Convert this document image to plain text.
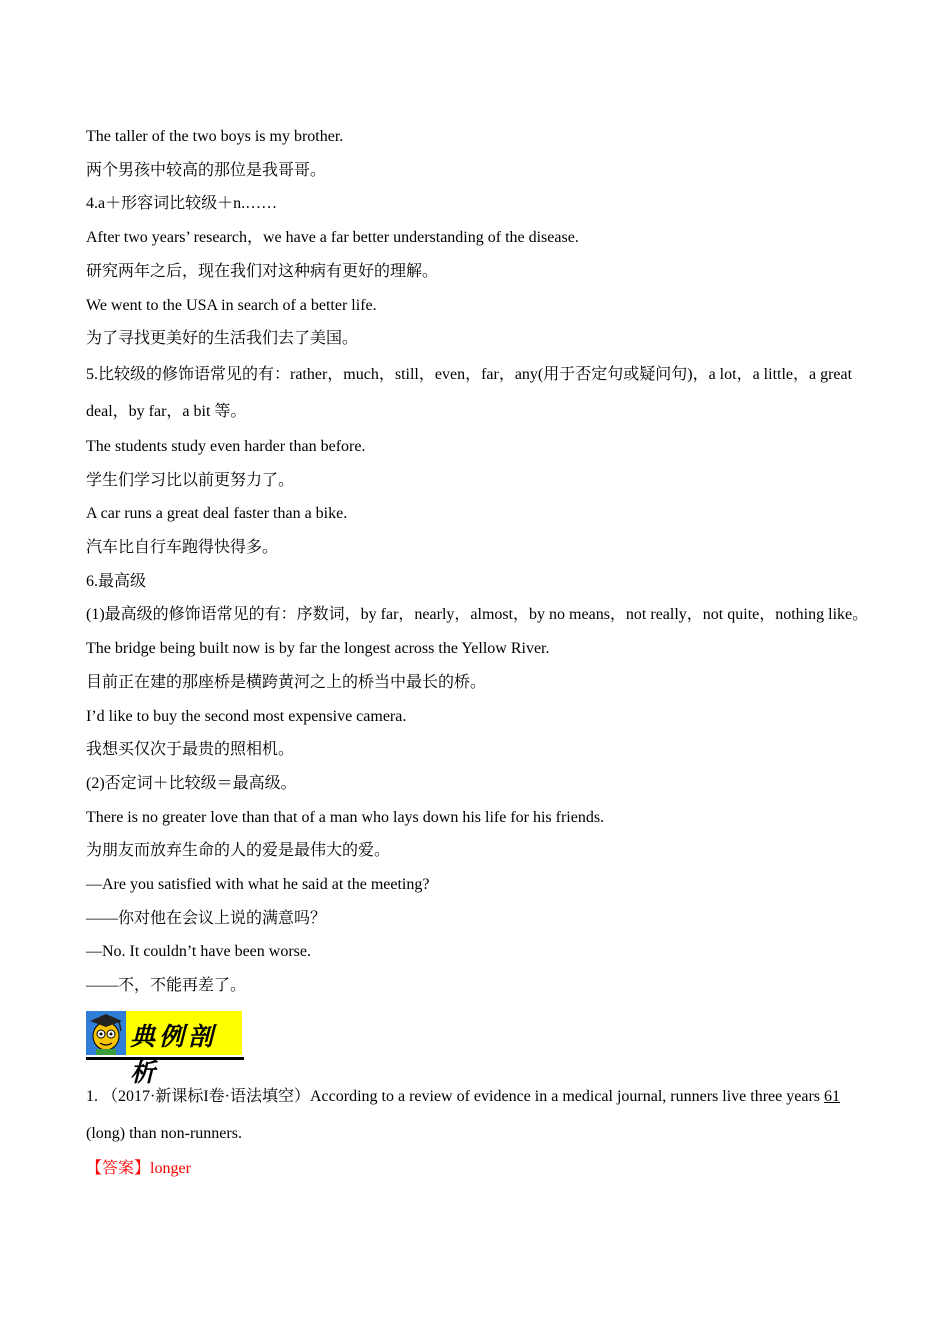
The taller of the two boys is my brother.
两个男孩中较高的那位是我哥哥。
4.a＋形容词比较级＋n.……
After two years’ research，we have a far better understanding of the disease.
研究两年之后，现在我们对这种病有更好的理解。
We went to the USA in search of a better life.
为了寻找更美好的生活我们去了美国。
5.比较级的修饰语常见的有：rather，much，still，even，far，any(用于否定句或疑问句)，a lot，a little，a great deal，by far，a bit 等。
The students study even harder than before.
学生们学习比以前更努力了。
A car runs a great deal faster than a bike.
汽车比自行车跑得快得多。
6.最高级
(1)最高级的修饰语常见的有：序数词，by far，nearly，almost，by no means，not really，not quite，nothing like。
The bridge being built now is by far the longest across the Yellow River.
目前正在建的那座桥是横跨黄河之上的桥当中最长的桥。
I’d like to buy the second most expensive camera.
我想买仅次于最贵的照相机。
(2)否定词＋比较级＝最高级。
There is no greater love than that of a man who lays down his life for his friends.
为朋友而放弃生命的人的爱是最伟大的爱。
—Are you satisfied with what he said at the meeting?
——你对他在会议上说的满意吗？
—No. It couldn’t have been worse.
——不，不能再差了。
典例剖析
1. （2017·新课标I卷·语法填空）According to a review of evidence in a medical journal, runners live three years 61 (long) than non-runners.
【答案】longer
